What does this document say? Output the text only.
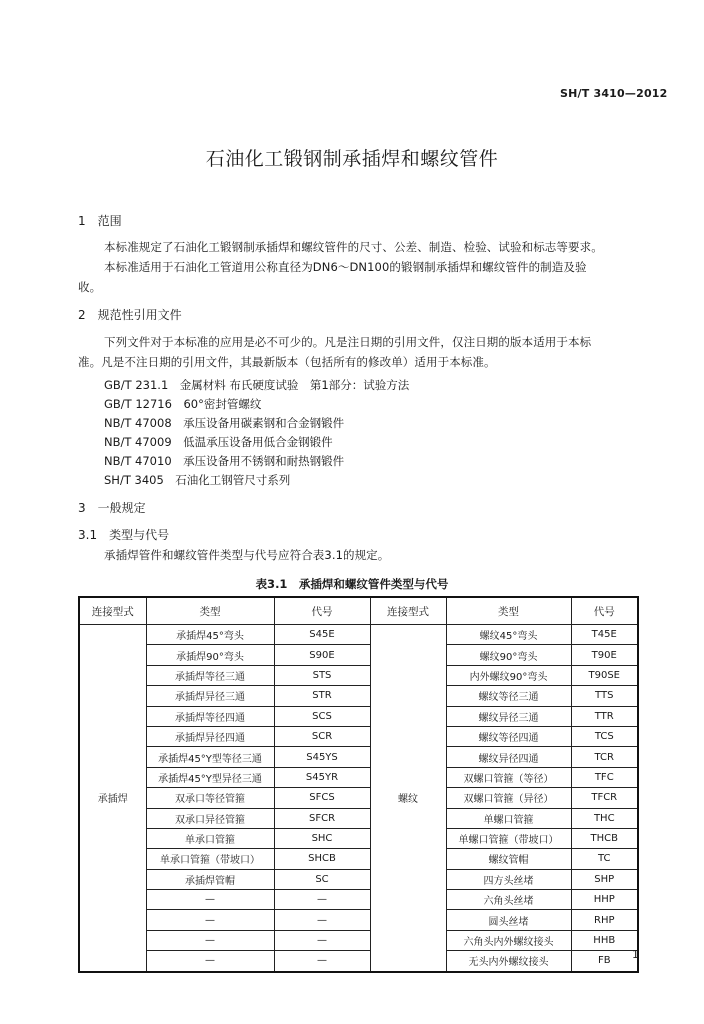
SH/T 3410—2012
石油化工锻钢制承插焊和螺纹管件
1　范围
本标准规定了石油化工锻钢制承插焊和螺纹管件的尺寸、公差、制造、检验、试验和标志等要求。
本标准适用于石油化工管道用公称直径为DN6～DN100的锻钢制承插焊和螺纹管件的制造及验
收。
2　规范性引用文件
下列文件对于本标准的应用是必不可少的。凡是注日期的引用文件，仅注日期的版本适用于本标
准。凡是不注日期的引用文件，其最新版本（包括所有的修改单）适用于本标准。
GB/T 231.1　金属材料 布氏硬度试验　第1部分：试验方法
GB/T 12716　60°密封管螺纹
NB/T 47008　承压设备用碳素钢和合金钢锻件
NB/T 47009　低温承压设备用低合金钢锻件
NB/T 47010　承压设备用不锈钢和耐热钢锻件
SH/T 3405　石油化工钢管尺寸系列
3　一般规定
3.1　类型与代号
承插焊管件和螺纹管件类型与代号应符合表3.1的规定。
表3.1　承插焊和螺纹管件类型与代号
连接型式	类型	代号	连接型式	类型	代号
承插焊	承插焊45°弯头	S45E	螺纹	螺纹45°弯头	T45E
	承插焊90°弯头	S90E		螺纹90°弯头	T90E
	承插焊等径三通	STS		内外螺纹90°弯头	T90SE
	承插焊异径三通	STR		螺纹等径三通	TTS
	承插焊等径四通	SCS		螺纹异径三通	TTR
	承插焊异径四通	SCR		螺纹等径四通	TCS
	承插焊45°Y型等径三通	S45YS		螺纹异径四通	TCR
	承插焊45°Y型异径三通	S45YR		双螺口管箍（等径）	TFC
	双承口等径管箍	SFCS		双螺口管箍（异径）	TFCR
	双承口异径管箍	SFCR		单螺口管箍	THC
	单承口管箍	SHC		单螺口管箍（带坡口）	THCB
	单承口管箍（带坡口）	SHCB		螺纹管帽	TC
	承插焊管帽	SC		四方头丝堵	SHP
	—	—		六角头丝堵	HHP
	—	—		圆头丝堵	RHP
	—	—		六角头内外螺纹接头	HHB
	—	—		无头内外螺纹接头	FB 1
